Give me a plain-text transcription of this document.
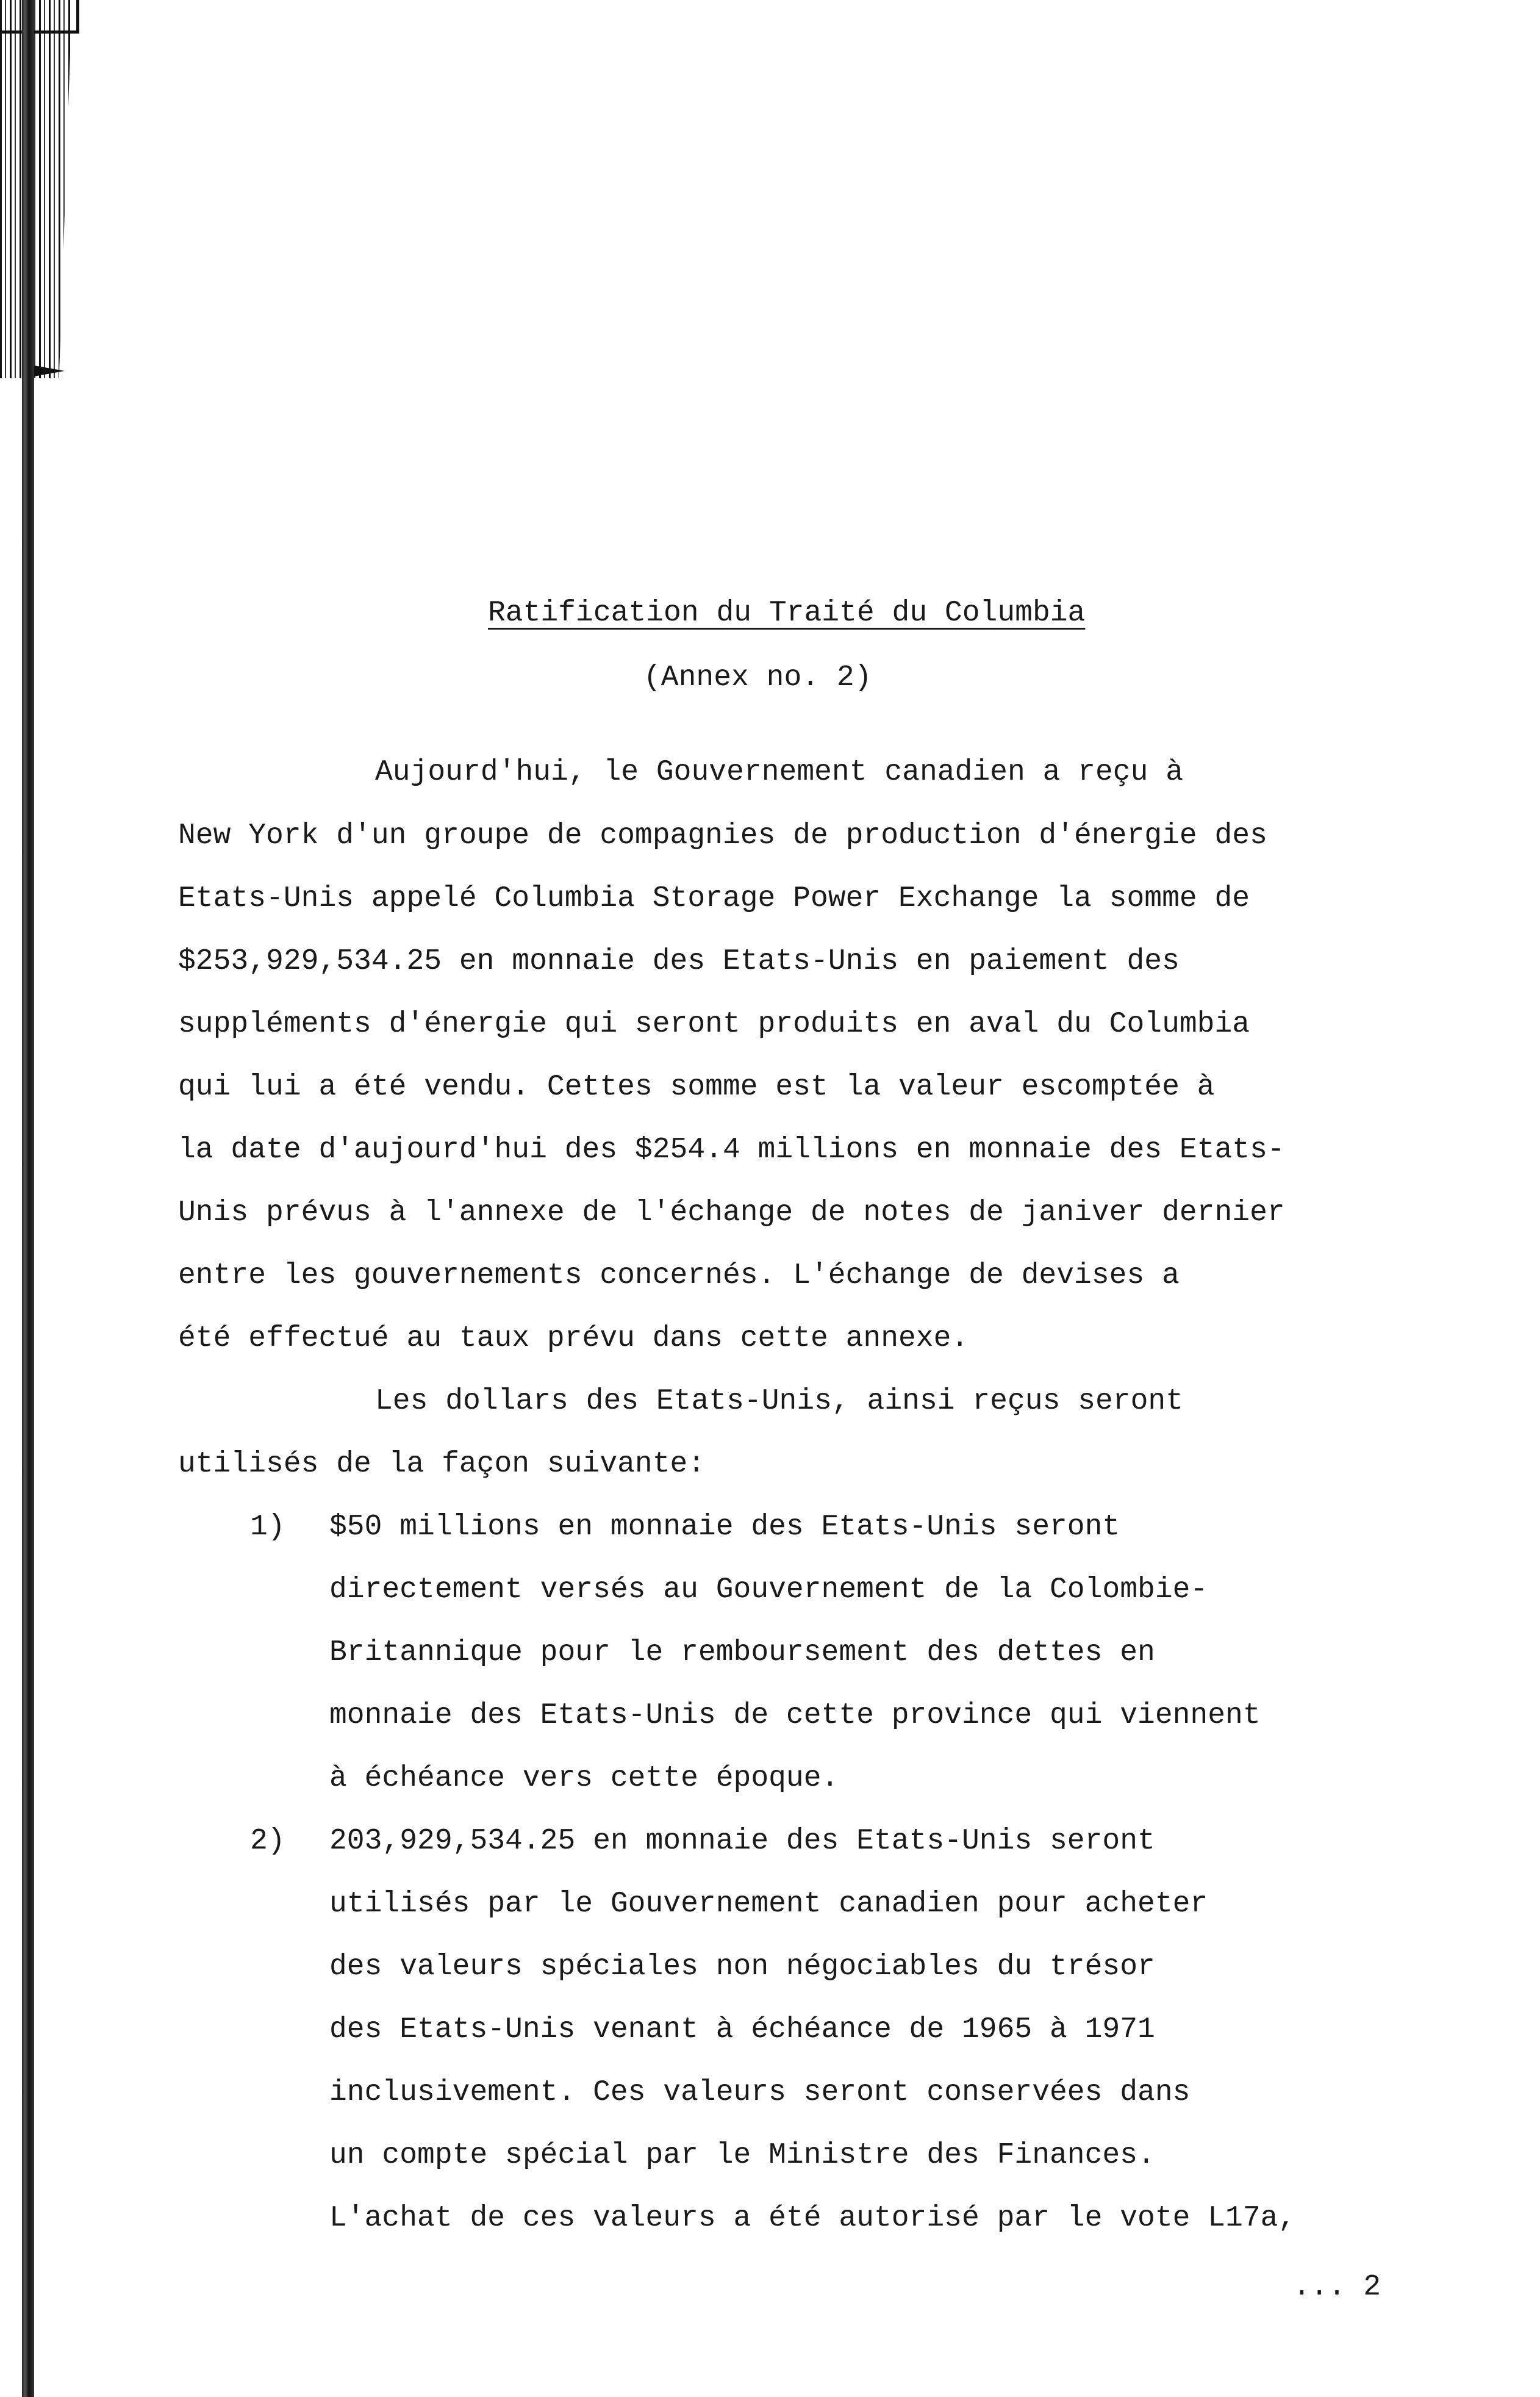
Ratification du Traité du Columbia
(Annex no. 2)
Aujourd'hui, le Gouvernement canadien a reçu à
New York d'un groupe de compagnies de production d'énergie des
Etats-Unis appelé Columbia Storage Power Exchange la somme de
$253,929,534.25 en monnaie des Etats-Unis en paiement des
suppléments d'énergie qui seront produits en aval du Columbia
qui lui a été vendu. Cettes somme est la valeur escomptée à
la date d'aujourd'hui des $254.4 millions en monnaie des Etats-
Unis prévus à l'annexe de l'échange de notes de janiver dernier
entre les gouvernements concernés. L'échange de devises a
été effectué au taux prévu dans cette annexe.
Les dollars des Etats-Unis, ainsi reçus seront
utilisés de la façon suivante:
1) $50 millions en monnaie des Etats-Unis seront
directement versés au Gouvernement de la Colombie-
Britannique pour le remboursement des dettes en
monnaie des Etats-Unis de cette province qui viennent
à échéance vers cette époque.
2) 203,929,534.25 en monnaie des Etats-Unis seront
utilisés par le Gouvernement canadien pour acheter
des valeurs spéciales non négociables du trésor
des Etats-Unis venant à échéance de 1965 à 1971
inclusivement. Ces valeurs seront conservées dans
un compte spécial par le Ministre des Finances.
L'achat de ces valeurs a été autorisé par le vote L17a,
... 2
